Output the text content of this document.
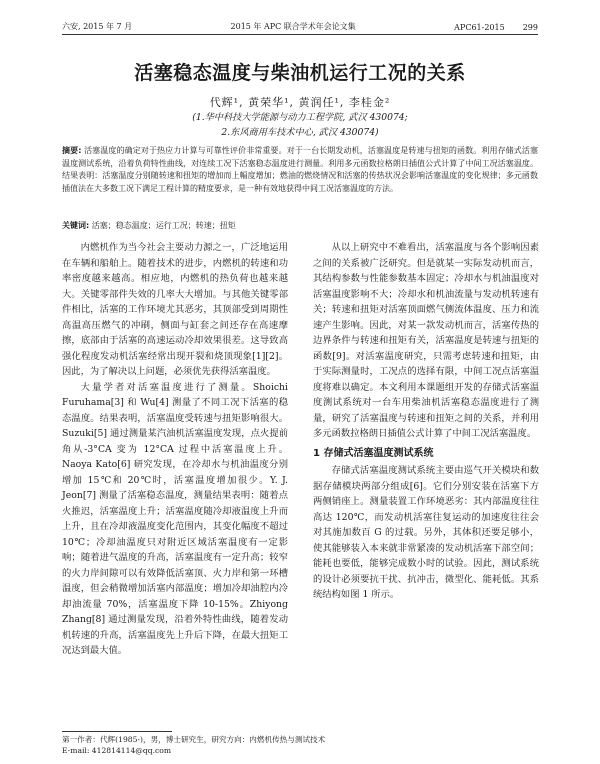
六安, 2015 年 7 月	2015 年 APC 联合学术年会论文集	APC61-2015 299
活塞稳态温度与柴油机运行工况的关系
代辉¹, 黄荣华¹, 黄润任¹, 李桂金²
(1.华中科技大学能源与动力工程学院, 武汉 430074;
2.东风商用车技术中心, 武汉 430074)
摘要: 活塞温度的确定对于热应力计算与可靠性评价非常重要。对于一台长期发动机，活塞温度是转速与扭矩的函数。利用存储式活塞温度测试系统，沿着负荷特性曲线，对连续工况下活塞稳态温度进行测量。利用多元函数拉格朗日插值公式计算了中间工况活塞温度。结果表明：活塞温度分别随转速和扭矩的增加而上幅度增加；燃油的燃烧情况和活塞的传热状况会影响活塞温度的变化规律；多元函数插值法在大多数工况下满足工程计算的精度要求，是一种有效地获得中间工况活塞温度的方法。
关键词: 活塞；稳态温度；运行工况；转速；扭矩

内燃机作为当今社会主要动力源之一，广泛地运用在车辆和船舶上。随着技术的进步，内燃机的转速和功率密度越来越高。相应地，内燃机的热负荷也越来越大。关键零部件失效的几率大大增加。与其他关键零部件相比，活塞的工作环境尤其恶劣，其顶部受到周期性高温高压燃气的冲刷，侧面与缸套之间还存在高速摩擦，底部由于活塞的高速运动冷却效果很差。这导致高强化程度发动机活塞经常出现开裂和烧顶现象[1][2]。因此，为了解决以上问题，必须优先获得活塞温度。

大量学者对活塞温度进行了测量。Shoichi Furuhama[3] 和 Wu[4] 测量了不同工况下活塞的稳态温度。结果表明，活塞温度受转速与扭矩影响很大。Suzuki[5] 通过测量某汽油机活塞温度发现，点火提前角从-3°CA 变为 12°CA 过程中活塞温度上升。Naoya Kato[6] 研究发现，在冷却水与机油温度分别增加 15℃和 20℃时，活塞温度增加很少。Y. J. Jeon[7] 测量了活塞稳态温度，测量结果表明：随着点火推迟，活塞温度上升；活塞温度随冷却液温度上升而上升，且在冷却液温度变化范围内，其变化幅度不超过 10℃；冷却油温度只对附近区域活塞温度有一定影响；随着进气温度的升高，活塞温度有一定升高；较窄的火力岸间隙可以有效降低活塞顶、火力岸和第一环槽温度，但会稍微增加活塞内部温度；增加冷却油腔内冷却油流量 70%，活塞温度下降 10-15%。Zhiyong Zhang[8] 通过测量发现，沿着外特性曲线，随着发动机转速的升高，活塞温度先上升后下降，在最大扭矩工况达到最大值。

从以上研究中不难看出，活塞温度与各个影响因素之间的关系被广泛研究。但是就某一实际发动机而言，其结构参数与性能参数基本固定；冷却水与机油温度对活塞温度影响不大；冷却水和机油流量与发动机转速有关；转速和扭矩对活塞顶面燃气侧流体温度、压力和流速产生影响。因此，对某一款发动机而言，活塞传热的边界条件与转速和扭矩有关，活塞温度是转速与扭矩的函数[9]。对活塞温度研究，只需考虑转速和扭矩，由于实际测量时，工况点的选择有限，中间工况点活塞温度将难以确定。本文利用本课题组开发的存储式活塞温度测试系统对一台车用柴油机活塞稳态温度进行了测量，研究了活塞温度与转速和扭矩之间的关系，并利用多元函数拉格朗日插值公式计算了中间工况活塞温度。

1 存储式活塞温度测试系统

存储式活塞温度测试系统主要由巡气开关模块和数据存储模块两部分组成[6]。它们分别安装在活塞下方两侧销座上。测量装置工作环境恶劣：其内部温度往往高达 120℃，而发动机活塞往复运动的加速度往往会对其施加数百 G 的过载。另外，其体积还要足够小，使其能够装入本来就非常紧凑的发动机活塞下部空间；能耗也要低，能够完成数小时的试验。因此，测试系统的设计必须要抗干扰、抗冲击，微型化、能耗低。其系统结构如图 1 所示。

第一作者：代辉(1985-)，男，博士研究生，研究方向：内燃机传热与测试技术
E-mail: 412814114@qq.com
